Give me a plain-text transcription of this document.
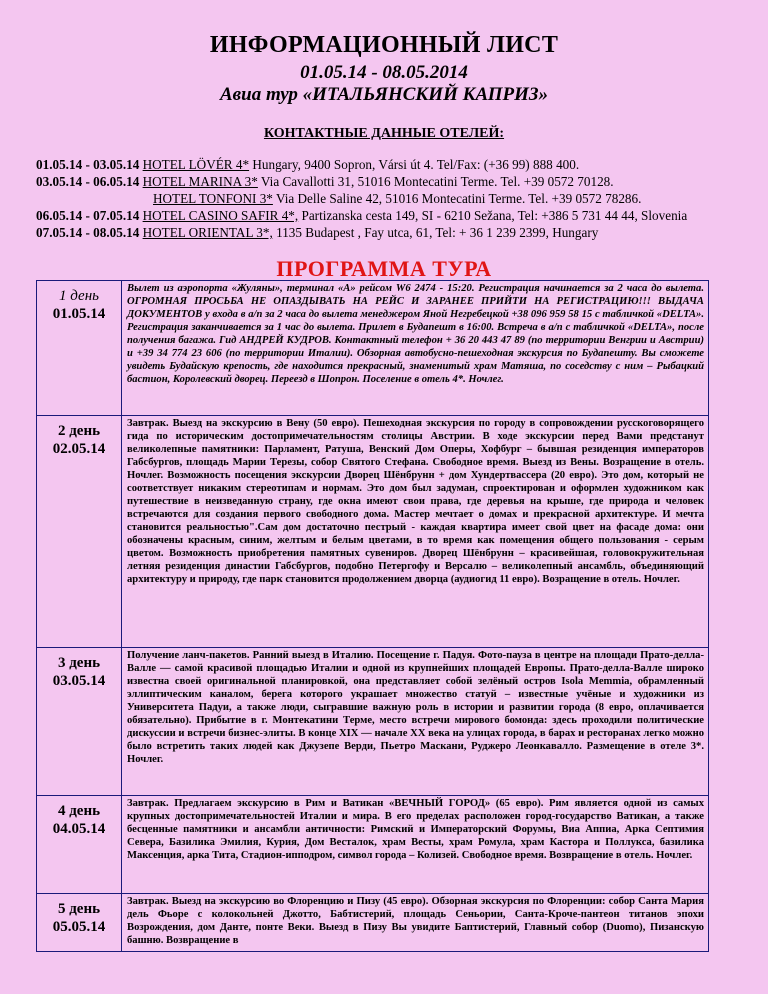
ИНФОРМАЦИОННЫЙ ЛИСТ
01.05.14 - 08.05.2014
Авиа тур «ИТАЛЬЯНСКИЙ КАПРИЗ»
КОНТАКТНЫЕ ДАННЫЕ ОТЕЛЕЙ:
01.05.14 - 03.05.14 HOTEL LÖVÉR 4* Hungary, 9400 Sopron, Vársi út 4. Tel/Fax: (+36 99) 888 400.
03.05.14 - 06.05.14 HOTEL MARINA 3* Via Cavallotti 31, 51016 Montecatini Terme. Tel. +39 0572 70128.
HOTEL TONFONI 3* Via Delle Saline 42, 51016 Montecatini Terme. Tel. +39 0572 78286.
06.05.14 - 07.05.14 HOTEL CASINO SAFIR 4*, Partizanska cesta 149, SI - 6210 Sežana, Tel: +386 5 731 44 44, Slovenia
07.05.14 - 08.05.14 HOTEL ORIENTAL 3*, 1135 Budapest , Fay utca, 61, Tel: + 36 1 239 2399, Hungary
ПРОГРАММА ТУРА
1 день
01.05.14	Вылет из аэропорта «Жуляны», терминал «А» рейсом W6 2474 - 15:20. Регистрация начинается за 2 часа до вылета. ОГРОМНАЯ ПРОСЬБА НЕ ОПАЗДЫВАТЬ НА РЕЙС И ЗАРАНЕЕ ПРИЙТИ НА РЕГИСТРАЦИЮ!!! ВЫДАЧА ДОКУМЕНТОВ у входа в а/п за 2 часа до вылета менеджером Яной Негребецкой +38 096 959 58 15 с табличкой «DELTA». Регистрация заканчивается за 1 час до вылета. Прилет в Будапешт в 16:00. Встреча в а/п с табличкой «DELTA», после получения багажа. Гид АНДРЕЙ КУДРОВ. Контактный телефон + 36 20 443 47 89 (по территории Венгрии и Австрии) и +39 34 774 23 606 (по территории Италии). Обзорная автобусно-пешеходная экскурсия по Будапешту. Вы сможете увидеть Будайскую крепость, где находится прекрасный, знаменитый храм Матяша, по соседству с ним – Рыбацкий бастион, Королевский дворец. Переезд в Шопрон. Поселение в отель 4*. Ночлег.

2 день
02.05.14	Завтрак. Выезд на экскурсию в Вену (50 евро). Пешеходная экскурсия по городу в сопровождении русскоговорящего гида по историческим достопримечательностям столицы Австрии. В ходе экскурсии перед Вами предстанут великолепные памятники: Парламент, Ратуша, Венский Дом Оперы, Хофбург – бывшая резиденция императоров Габсбургов, площадь Марии Терезы, собор Святого Стефана. Свободное время. Выезд из Вены. Возращение в отель. Ночлег. Возможность посещения экскурсии Дворец Шёнбрунн + дом Хундертвассера (20 евро). Это дом, который не соответствует никаким стереотипам и нормам. Это дом был задуман, спроектирован и оформлен художником как путешествие в неизведанную страну, где окна имеют свои права, где деревья на крыше, где природа и человек встречаются для создания первого свободного дома. Мастер мечтает о домах и прекрасной архитектуре. И мечта становится реальностью".Сам дом достаточно пестрый - каждая квартира имеет свой цвет на фасаде дома: они обозначены красным, синим, желтым и белым цветами, в то время как помещения общего пользования - серым цветом. Возможность приобретения памятных сувениров. Дворец Шёнбрунн – красивейшая, головокружительная летняя резиденция династии Габсбургов, подобно Петергофу и Версалю – великолепный ансамбль, объединяющий архитектуру и природу, где парк становится продолжением дворца (аудиогид 11 евро). Возращение в отель. Ночлег.

3 день
03.05.14	Получение ланч-пакетов. Ранний выезд в Италию. Посещение г. Падуя. Фото-пауза в центре на площади Прато-делла-Валле — самой красивой площадью Италии и одной из крупнейших площадей Европы. Прато-делла-Валле широко известна своей оригинальной планировкой, она представляет собой зелёный остров Isola Memmia, обрамленный эллиптическим каналом, берега которого украшает множество статуй – известные учёные и художники из Университета Падуи, а также люди, сыгравшие важную роль в истории и развитии города (8 евро, оплачивается обязательно). Прибытие в г. Монтекатини Терме, место встречи мирового бомонда: здесь проходили политические дискуссии и встречи бизнес-элиты. В конце XIX — начале XX века на улицах города, в барах и ресторанах легко можно было встретить таких людей как Джузепе Верди, Пьетро Маскани, Руджеро Леонкавалло. Размещение в отеле 3*. Ночлег.

4 день
04.05.14	Завтрак. Предлагаем экскурсию в Рим и Ватикан «ВЕЧНЫЙ ГОРОД» (65 евро). Рим является одной из самых крупных достопримечательностей Италии и мира. В его пределах расположен город-государство Ватикан, а также бесценные памятники и ансамбли античности: Римский и Императорский Форумы, Виа Аппиа, Арка Септимия Севера, Базилика Эмилия, Курия, Дом Весталок, храм Весты, храм Ромула, храм Кастора и Поллукса, базилика Максенция, арка Тита, Стадион-ипподром, символ города – Колизей. Свободное время. Возвращение в отель. Ночлег.

5 день
05.05.14	Завтрак. Выезд на экскурсию во Флоренцию и Пизу (45 евро). Обзорная экскурсия по Флоренции: собор Санта Мария дель Фьоре с колокольней Джотто, Бабтистерий, площадь Сеньории, Санта-Кроче-пантеон титанов эпохи Возрождения, дом Данте, понте Веки. Выезд в Пизу Вы увидите Баптистерий, Главный собор (Duomo), Пизанскую башню. Возвращение в
